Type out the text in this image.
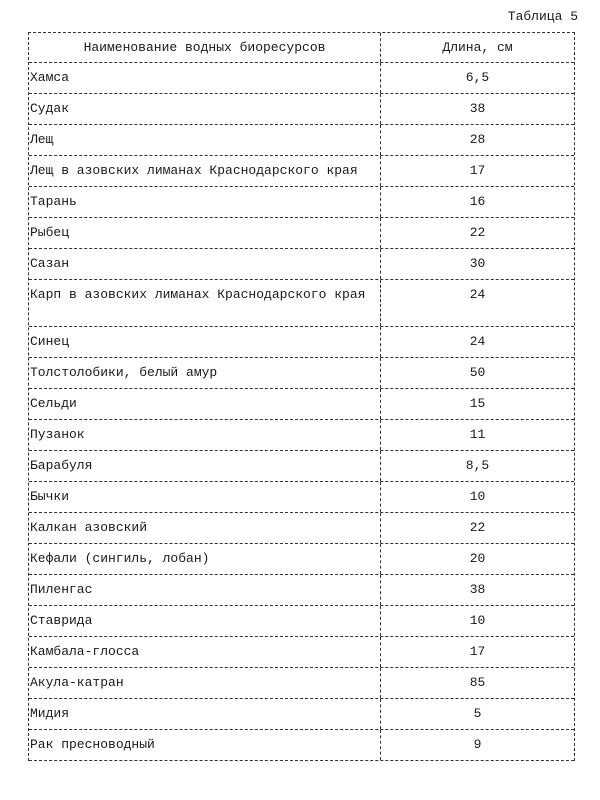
Таблица 5
Наименование водных биоресурсов	Длина, см
Хамса	6,5
Судак	38
Лещ	28
Лещ в азовских лиманах Краснодарского края	17
Тарань	16
Рыбец	22
Сазан	30
Карп в азовских лиманах Краснодарского края	24
Синец	24
Толстолобики, белый амур	50
Сельди	15
Пузанок	11
Барабуля	8,5
Бычки	10
Калкан азовский	22
Кефали (сингиль, лобан)	20
Пиленгас	38
Ставрида	10
Камбала-глосса	17
Акула-катран	85
Мидия	5
Рак пресноводный	9
